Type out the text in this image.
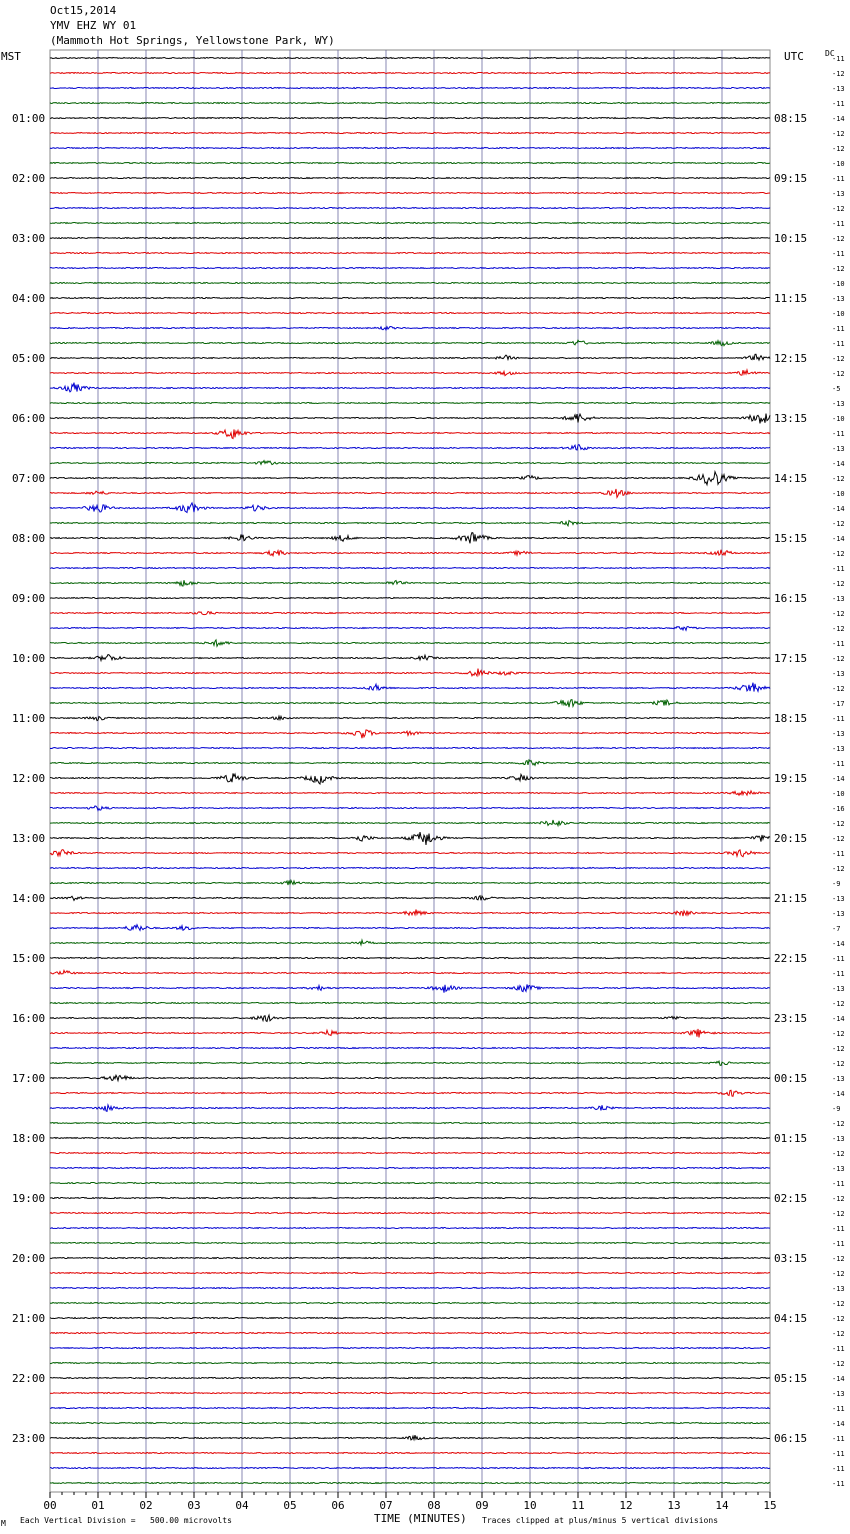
Oct15,2014
YMV EHZ WY 01
(Mammoth Hot Springs, Yellowstone Park, WY)
MST	UTC	DC
-11
-12
-13
-11
-14
-12
-12
-10
-11
-13
-12
-11
-12
-11
-12
-10
-13
-10
-11
-11
-12
-12
-5
-13
-10
-11
-13
-14
-12
-10
-14
-12
-14
-12
-11
-12
-13
-12
-12
-11
-12
-13
-12
-17
-11
-13
-13
-11
-14
-10
-16
-12
-12
-11
-12
-9
-13
-13
-7
-14
-11
-11
-13
-12
-14
-12
-12
-12
-13
-14
-9
-12
-13
-12
-13
-11
-12
-12
-11
-11
-12
-12
-13
-12
-12
-12
-11
-12
-14
-13
-11
-14
-11
-11
-11
-11
01:00
02:00
03:00
04:00
05:00
06:00
07:00
08:00
09:00
10:00
11:00
12:00
13:00
14:00
15:00
16:00
17:00
18:00
19:00
20:00
21:00
22:00
23:00
08:15
09:15
10:15
11:15
12:15
13:15
14:15
15:15
16:15
17:15
18:15
19:15
20:15
21:15
22:15
23:15
00:15
01:15
02:15
03:15
04:15
05:15
06:15
00	01	02	03	04	05	06	07	08	09	10	11	12	13	14	15
M Each Vertical Division =   500.00 microvolts	TIME (MINUTES) Traces clipped at plus/minus 5 vertical divisions
